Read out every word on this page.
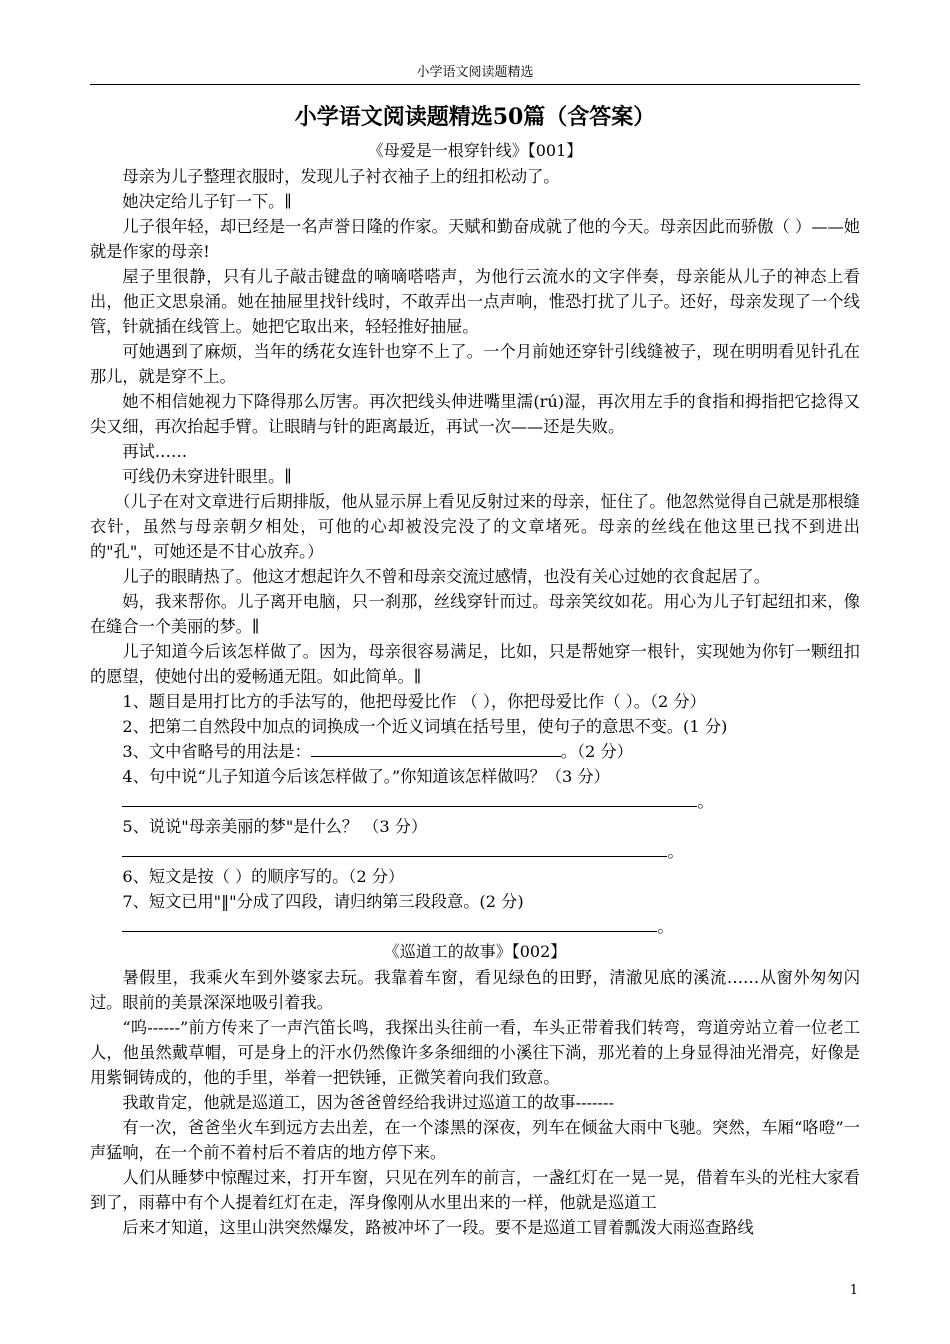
小学语文阅读题精选
小学语文阅读题精选50篇（含答案）
《母爱是一根穿针线》【001】

母亲为儿子整理衣服时，发现儿子衬衣袖子上的纽扣松动了。

她决定给儿子钉一下。∥

儿子很年轻，却已经是一名声誉日隆的作家。天赋和勤奋成就了他的今天。母亲因此而骄傲（ ）——她就是作家的母亲!

屋子里很静，只有儿子敲击键盘的嘀嘀嗒嗒声，为他行云流水的文字伴奏，母亲能从儿子的神态上看出，他正文思泉涌。她在抽屉里找针线时，不敢弄出一点声响，惟恐打扰了儿子。还好，母亲发现了一个线管，针就插在线管上。她把它取出来，轻轻推好抽屉。

可她遇到了麻烦，当年的绣花女连针也穿不上了。一个月前她还穿针引线缝被子，现在明明看见针孔在那儿，就是穿不上。

她不相信她视力下降得那么厉害。再次把线头伸进嘴里濡(rú)湿，再次用左手的食指和拇指把它捻得又尖又细，再次抬起手臂。让眼睛与针的距离最近，再试一次——还是失败。

再试……

可线仍未穿进针眼里。∥

（儿子在对文章进行后期排版，他从显示屏上看见反射过来的母亲，怔住了。他忽然觉得自己就是那根缝衣针，虽然与母亲朝夕相处，可他的心却被没完没了的文章堵死。母亲的丝线在他这里已找不到进出的"孔"，可她还是不甘心放弃。）

儿子的眼睛热了。他这才想起许久不曾和母亲交流过感情，也没有关心过她的衣食起居了。

妈，我来帮你。儿子离开电脑，只一刹那，丝线穿针而过。母亲笑纹如花。用心为儿子钉起纽扣来，像在缝合一个美丽的梦。∥

儿子知道今后该怎样做了。因为，母亲很容易满足，比如，只是帮她穿一根针，实现她为你钉一颗纽扣的愿望，使她付出的爱畅通无阻。如此简单。∥

1、题目是用打比方的手法写的，他把母爱比作 （ ），你把母爱比作（ ）。（2 分）

2、把第二自然段中加点的词换成一个近义词填在括号里，使句子的意思不变。(1 分)

3、文中省略号的用法是：	。（2 分）

4、句中说“儿子知道今后该怎样做了。”你知道该怎样做吗？（3 分）

。

5、说说"母亲美丽的梦"是什么？ （3 分）

。

6、短文是按（ ）的顺序写的。（2 分）

7、短文已用"‖"分成了四段，请归纳第三段段意。(2 分)

。

《巡道工的故事》【002】

暑假里，我乘火车到外婆家去玩。我靠着车窗，看见绿色的田野，清澈见底的溪流……从窗外匆匆闪过。眼前的美景深深地吸引着我。

“呜------”前方传来了一声汽笛长鸣，我探出头往前一看，车头正带着我们转弯，弯道旁站立着一位老工人，他虽然戴草帽，可是身上的汗水仍然像许多条细细的小溪往下淌，那光着的上身显得油光滑亮，好像是用紫铜铸成的，他的手里，举着一把铁锤，正微笑着向我们致意。

我敢肯定，他就是巡道工，因为爸爸曾经给我讲过巡道工的故事-------

有一次，爸爸坐火车到远方去出差，在一个漆黑的深夜，列车在倾盆大雨中飞驰。突然，车厢“咯噔”一声猛响，在一个前不着村后不着店的地方停下来。

人们从睡梦中惊醒过来，打开车窗，只见在列车的前言，一盏红灯在一晃一晃，借着车头的光柱大家看到了，雨幕中有个人提着红灯在走，浑身像刚从水里出来的一样，他就是巡道工

后来才知道，这里山洪突然爆发，路被冲坏了一段。要不是巡道工冒着瓢泼大雨巡查路线

1
